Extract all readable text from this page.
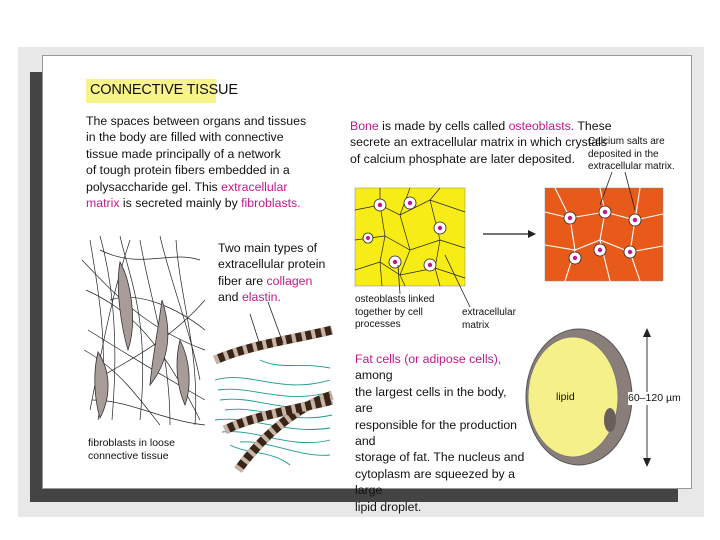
CONNECTIVE TISSUE
The spaces between organs and tissues
in the body are filled with connective
tissue made principally of a network
of tough protein fibers embedded in a
polysaccharide gel. This extracellular
matrix is secreted mainly by fibroblasts.
Two main types of
extracellular protein
fiber are collagen
and elastin.
fibroblasts in loose
connective tissue
Bone is made by cells called osteoblasts. These
secrete an extracellular matrix in which crystals
of calcium phosphate are later deposited.
Calcium salts are
deposited in the
extracellular matrix.
osteoblasts linked
together by cell
processes
extracellular
matrix
Fat cells (or adipose cells), among
the largest cells in the body, are
responsible for the production and
storage of fat. The nucleus and
cytoplasm are squeezed by a large
lipid droplet.
lipid	60–120 µm
